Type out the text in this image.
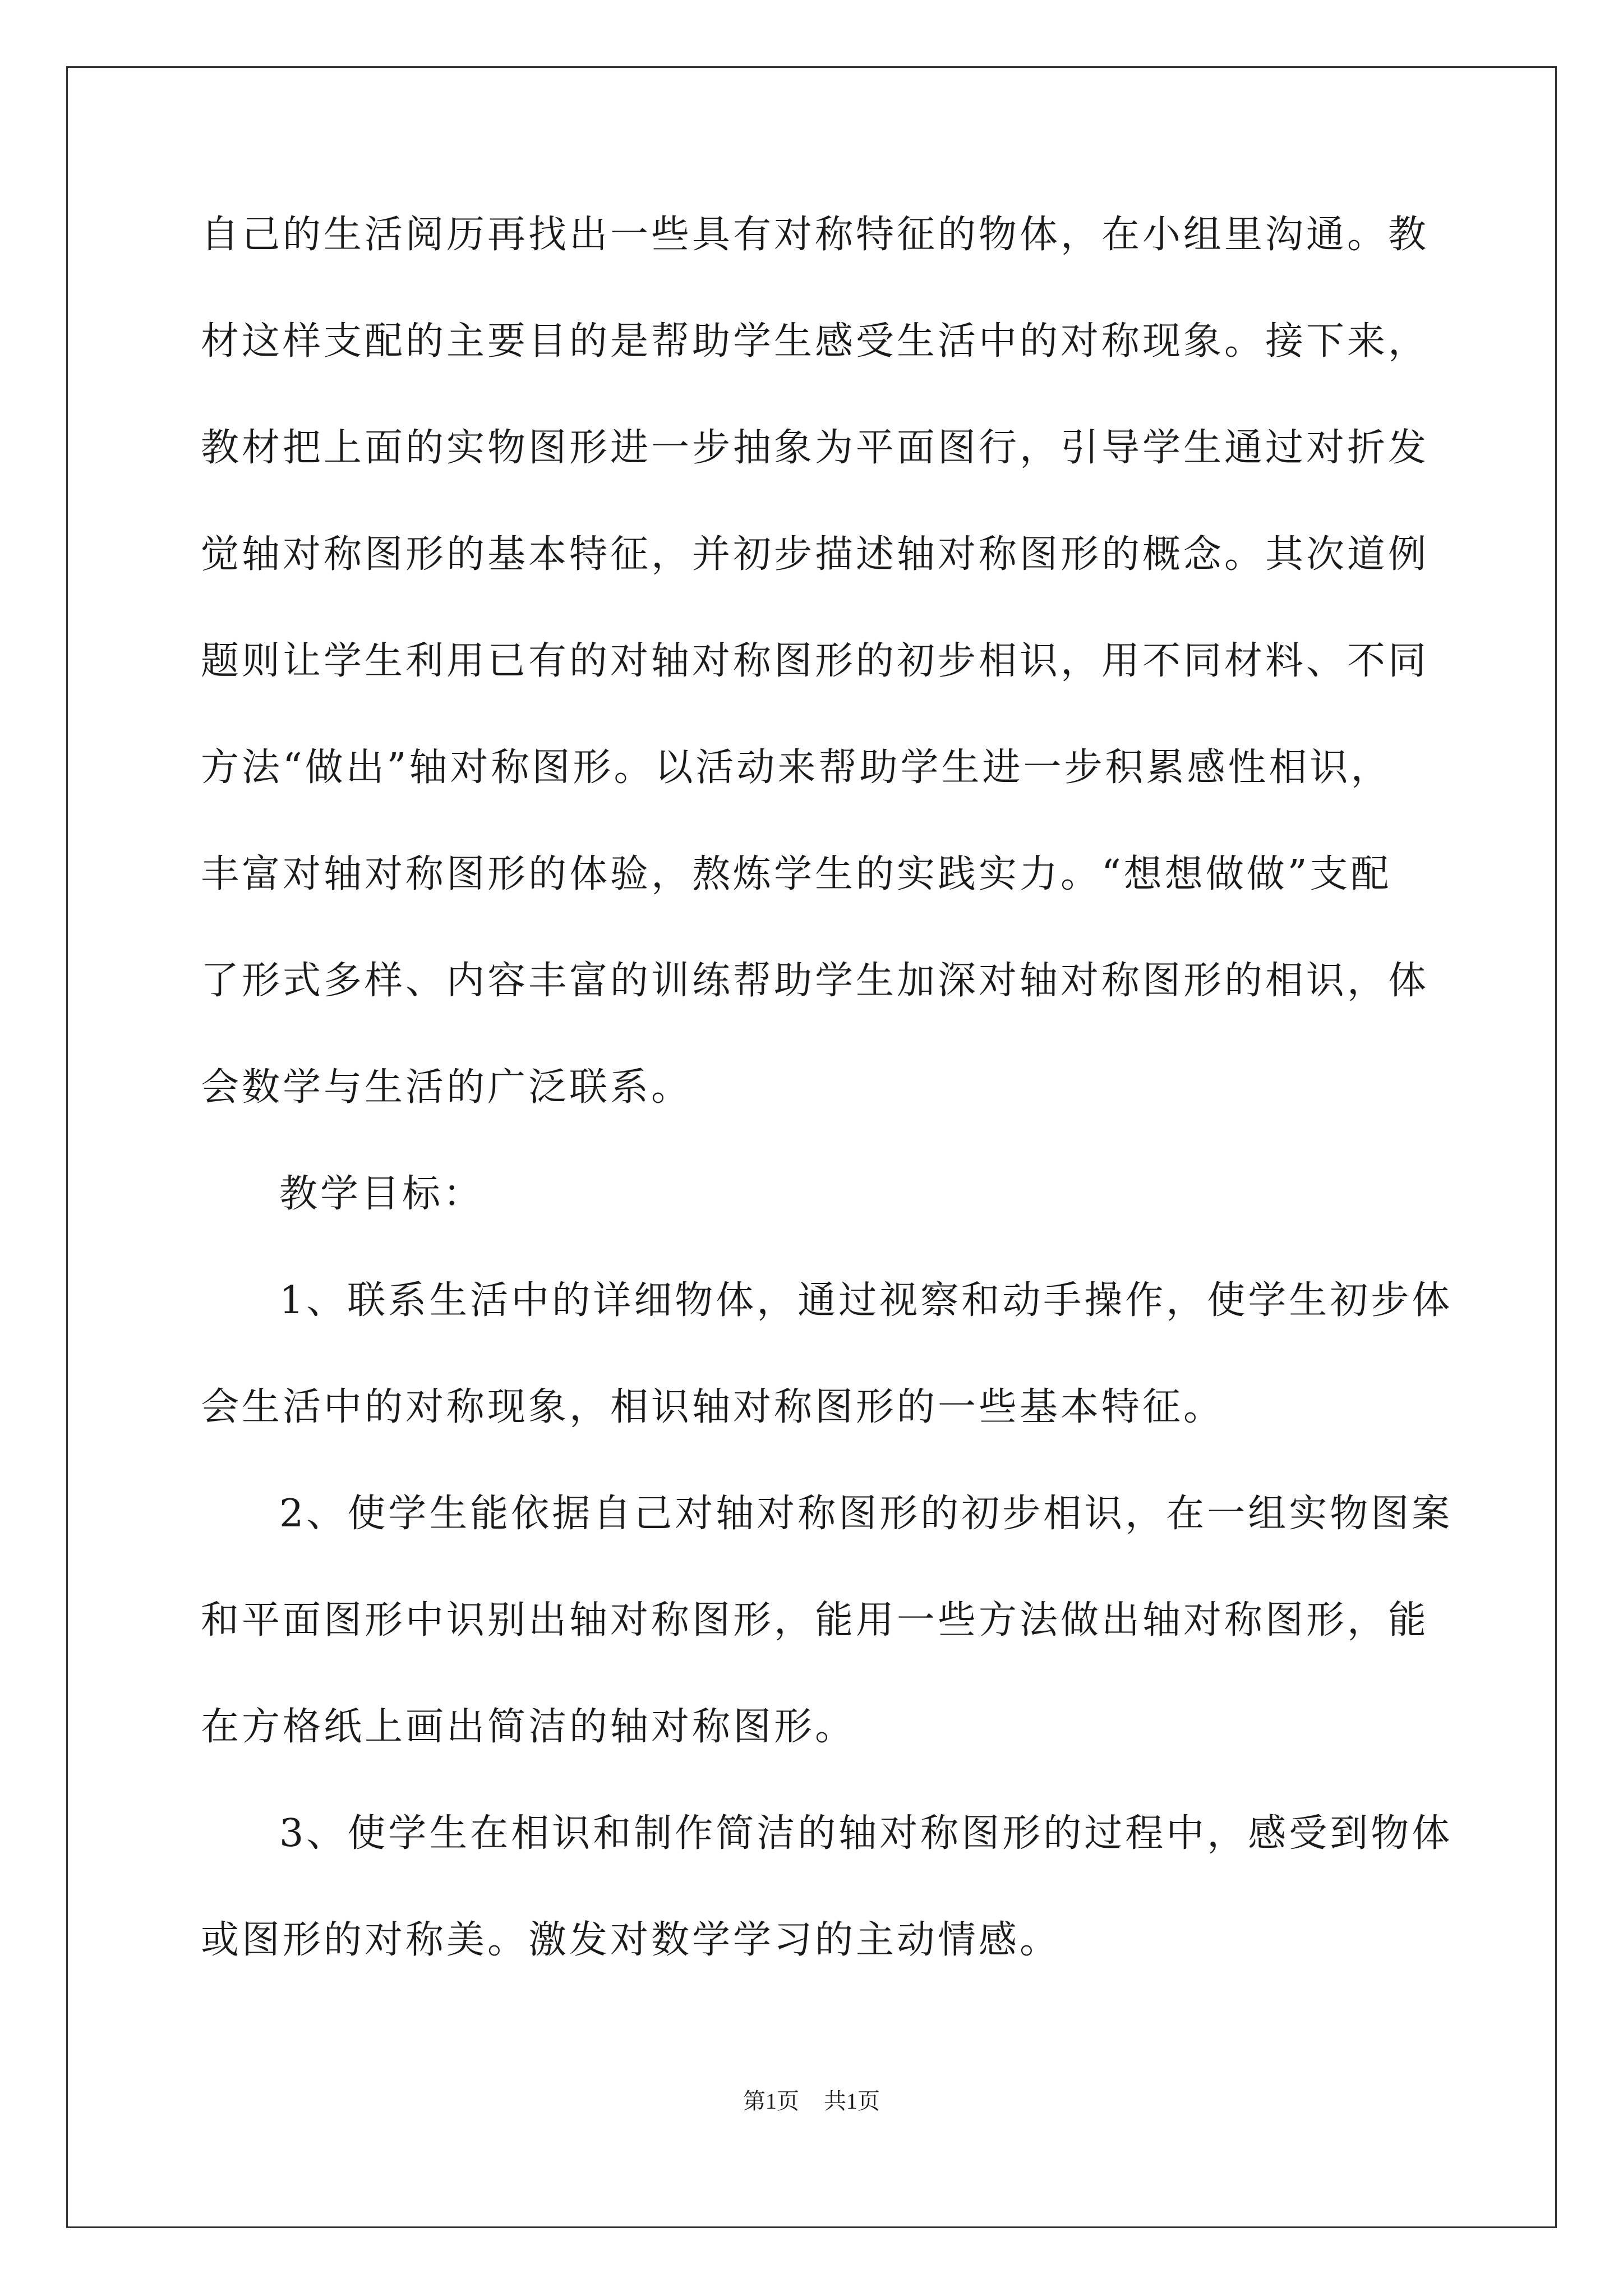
自己的生活阅历再找出一些具有对称特征的物体，在小组里沟通。教
材这样支配的主要目的是帮助学生感受生活中的对称现象。接下来，
教材把上面的实物图形进一步抽象为平面图行，引导学生通过对折发
觉轴对称图形的基本特征，并初步描述轴对称图形的概念。其次道例
题则让学生利用已有的对轴对称图形的初步相识，用不同材料、不同
方法“做出”轴对称图形。以活动来帮助学生进一步积累感性相识，
丰富对轴对称图形的体验，熬炼学生的实践实力。“想想做做”支配
了形式多样、内容丰富的训练帮助学生加深对轴对称图形的相识，体
会数学与生活的广泛联系。
教学目标：
1、联系生活中的详细物体，通过视察和动手操作，使学生初步体
会生活中的对称现象，相识轴对称图形的一些基本特征。
2、使学生能依据自己对轴对称图形的初步相识，在一组实物图案
和平面图形中识别出轴对称图形，能用一些方法做出轴对称图形，能
在方格纸上画出简洁的轴对称图形。
3、使学生在相识和制作简洁的轴对称图形的过程中，感受到物体
或图形的对称美。激发对数学学习的主动情感。
第1页 共1页
